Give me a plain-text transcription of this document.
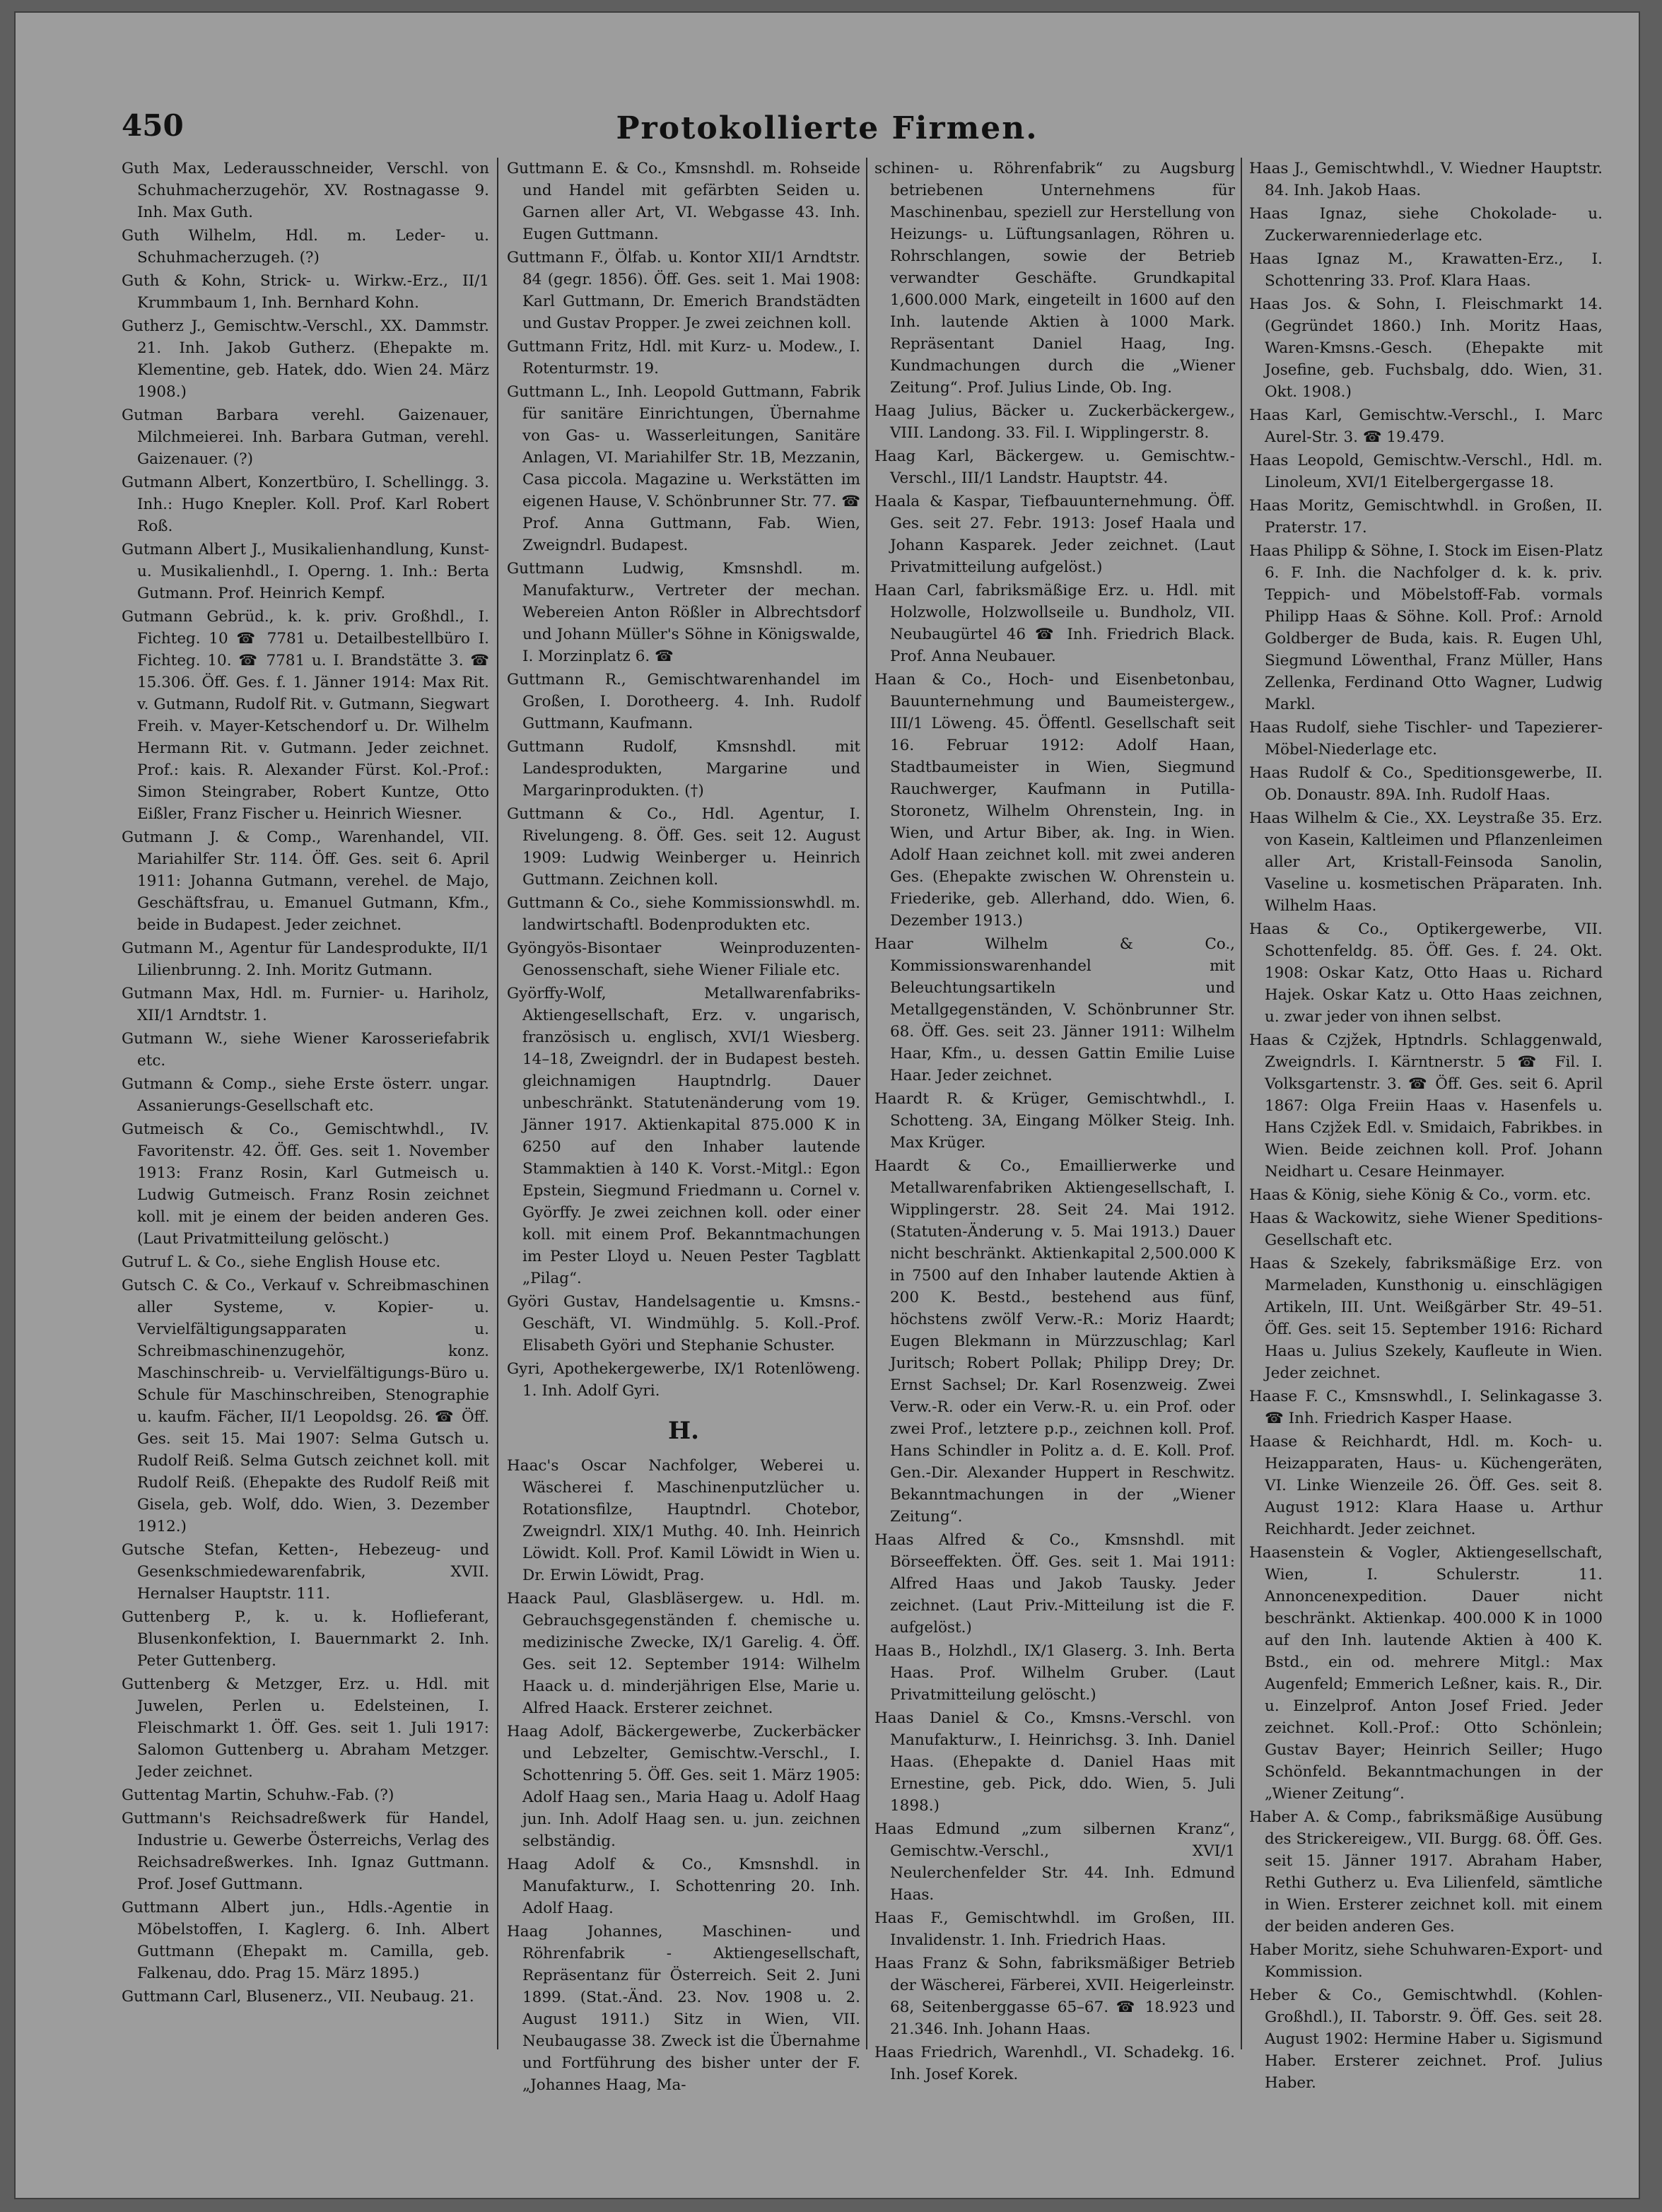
450	Protokollierte Firmen.

Guth Max, Lederausschneider, Verschl. von Schuhmacherzugehör, XV. Rostnagasse 9. Inh. Max Guth.

Guth Wilhelm, Hdl. m. Leder- u. Schuhmacherzugeh. (?)

Guth & Kohn, Strick- u. Wirkw.-Erz., II/1 Krummbaum 1, Inh. Bernhard Kohn.

Gutherz J., Gemischtw.-Verschl., XX. Dammstr. 21. Inh. Jakob Gutherz. (Ehepakte m. Klementine, geb. Hatek, ddo. Wien 24. März 1908.)

Gutman Barbara verehl. Gaizenauer, Milchmeierei. Inh. Barbara Gutman, verehl. Gaizenauer. (?)

Gutmann Albert, Konzertbüro, I. Schellingg. 3. Inh.: Hugo Knepler. Koll. Prof. Karl Robert Roß.

Gutmann Albert J., Musikalienhandlung, Kunst- u. Musikalienhdl., I. Operng. 1. Inh.: Berta Gutmann. Prof. Heinrich Kempf.

Gutmann Gebrüd., k. k. priv. Großhdl., I. Fichteg. 10 ☎ 7781 u. Detailbestellbüro I. Fichteg. 10. ☎ 7781 u. I. Brandstätte 3. ☎ 15.306. Öff. Ges. f. 1. Jänner 1914: Max Rit. v. Gutmann, Rudolf Rit. v. Gutmann, Siegwart Freih. v. Mayer-Ketschendorf u. Dr. Wilhelm Hermann Rit. v. Gutmann. Jeder zeichnet. Prof.: kais. R. Alexander Fürst. Kol.-Prof.: Simon Steingraber, Robert Kuntze, Otto Eißler, Franz Fischer u. Heinrich Wiesner.

Gutmann J. & Comp., Warenhandel, VII. Mariahilfer Str. 114. Öff. Ges. seit 6. April 1911: Johanna Gutmann, verehel. de Majo, Geschäftsfrau, u. Emanuel Gutmann, Kfm., beide in Budapest. Jeder zeichnet.

Gutmann M., Agentur für Landesprodukte, II/1 Lilienbrunng. 2. Inh. Moritz Gutmann.

Gutmann Max, Hdl. m. Furnier- u. Hariholz, XII/1 Arndtstr. 1.

Gutmann W., siehe Wiener Karosseriefabrik etc.

Gutmann & Comp., siehe Erste österr. ungar. Assanierungs-Gesellschaft etc.

Gutmeisch & Co., Gemischtwhdl., IV. Favoritenstr. 42. Öff. Ges. seit 1. November 1913: Franz Rosin, Karl Gutmeisch u. Ludwig Gutmeisch. Franz Rosin zeichnet koll. mit je einem der beiden anderen Ges. (Laut Privatmitteilung gelöscht.)

Gutruf L. & Co., siehe English House etc.

Gutsch C. & Co., Verkauf v. Schreibmaschinen aller Systeme, v. Kopier- u. Vervielfältigungsapparaten u. Schreibmaschinenzugehör, konz. Maschinschreib- u. Vervielfältigungs-Büro u. Schule für Maschinschreiben, Stenographie u. kaufm. Fächer, II/1 Leopoldsg. 26. ☎ Öff. Ges. seit 15. Mai 1907: Selma Gutsch u. Rudolf Reiß. Selma Gutsch zeichnet koll. mit Rudolf Reiß. (Ehepakte des Rudolf Reiß mit Gisela, geb. Wolf, ddo. Wien, 3. Dezember 1912.)

Gutsche Stefan, Ketten-, Hebezeug- und Gesenkschmiedewarenfabrik, XVII. Hernalser Hauptstr. 111.

Guttenberg P., k. u. k. Hoflieferant, Blusenkonfektion, I. Bauernmarkt 2. Inh. Peter Guttenberg.

Guttenberg & Metzger, Erz. u. Hdl. mit Juwelen, Perlen u. Edelsteinen, I. Fleischmarkt 1. Öff. Ges. seit 1. Juli 1917: Salomon Guttenberg u. Abraham Metzger. Jeder zeichnet.

Guttentag Martin, Schuhw.-Fab. (?)

Guttmann's Reichsadreßwerk für Handel, Industrie u. Gewerbe Österreichs, Verlag des Reichsadreßwerkes. Inh. Ignaz Guttmann. Prof. Josef Guttmann.

Guttmann Albert jun., Hdls.-Agentie in Möbelstoffen, I. Kaglerg. 6. Inh. Albert Guttmann (Ehepakt m. Camilla, geb. Falkenau, ddo. Prag 15. März 1895.)

Guttmann Carl, Blusenerz., VII. Neubaug. 21.

Guttmann E. & Co., Kmsnshdl. m. Rohseide und Handel mit gefärbten Seiden u. Garnen aller Art, VI. Webgasse 43. Inh. Eugen Guttmann.

Guttmann F., Ölfab. u. Kontor XII/1 Arndtstr. 84 (gegr. 1856). Öff. Ges. seit 1. Mai 1908: Karl Guttmann, Dr. Emerich Brandstädten und Gustav Propper. Je zwei zeichnen koll.

Guttmann Fritz, Hdl. mit Kurz- u. Modew., I. Rotenturmstr. 19.

Guttmann L., Inh. Leopold Guttmann, Fabrik für sanitäre Einrichtungen, Übernahme von Gas- u. Wasserleitungen, Sanitäre Anlagen, VI. Mariahilfer Str. 1B, Mezzanin, Casa piccola. Magazine u. Werkstätten im eigenen Hause, V. Schönbrunner Str. 77. ☎ Prof. Anna Guttmann, Fab. Wien, Zweigndrl. Budapest.

Guttmann Ludwig, Kmsnshdl. m. Manufakturw., Vertreter der mechan. Webereien Anton Rößler in Albrechtsdorf und Johann Müller's Söhne in Königswalde, I. Morzinplatz 6. ☎

Guttmann R., Gemischtwarenhandel im Großen, I. Dorotheerg. 4. Inh. Rudolf Guttmann, Kaufmann.

Guttmann Rudolf, Kmsnshdl. mit Landesprodukten, Margarine und Margarinprodukten. (†)

Guttmann & Co., Hdl. Agentur, I. Rivelungeng. 8. Öff. Ges. seit 12. August 1909: Ludwig Weinberger u. Heinrich Guttmann. Zeichnen koll.

Guttmann & Co., siehe Kommissionswhdl. m. landwirtschaftl. Bodenprodukten etc.

Gyöngyös-Bisontaer Weinproduzenten-Genossenschaft, siehe Wiener Filiale etc.

Györffy-Wolf, Metallwarenfabriks-Aktiengesellschaft, Erz. v. ungarisch, französisch u. englisch, XVI/1 Wiesberg. 14–18, Zweigndrl. der in Budapest besteh. gleichnamigen Hauptndrlg. Dauer unbeschränkt. Statutenänderung vom 19. Jänner 1917. Aktienkapital 875.000 K in 6250 auf den Inhaber lautende Stammaktien à 140 K. Vorst.-Mitgl.: Egon Epstein, Siegmund Friedmann u. Cornel v. Györffy. Je zwei zeichnen koll. oder einer koll. mit einem Prof. Bekanntmachungen im Pester Lloyd u. Neuen Pester Tagblatt „Pilag“.

Györi Gustav, Handelsagentie u. Kmsns.-Geschäft, VI. Windmühlg. 5. Koll.-Prof. Elisabeth Györi und Stephanie Schuster.

Gyri, Apothekergewerbe, IX/1 Rotenlöweng. 1. Inh. Adolf Gyri.

H.

Haac's Oscar Nachfolger, Weberei u. Wäscherei f. Maschinenputzlücher u. Rotationsfilze, Hauptndrl. Chotebor, Zweigndrl. XIX/1 Muthg. 40. Inh. Heinrich Löwidt. Koll. Prof. Kamil Löwidt in Wien u. Dr. Erwin Löwidt, Prag.

Haack Paul, Glasbläsergew. u. Hdl. m. Gebrauchsgegenständen f. chemische u. medizinische Zwecke, IX/1 Garelig. 4. Öff. Ges. seit 12. September 1914: Wilhelm Haack u. d. minderjährigen Else, Marie u. Alfred Haack. Ersterer zeichnet.

Haag Adolf, Bäckergewerbe, Zuckerbäcker und Lebzelter, Gemischtw.-Verschl., I. Schottenring 5. Öff. Ges. seit 1. März 1905: Adolf Haag sen., Maria Haag u. Adolf Haag jun. Inh. Adolf Haag sen. u. jun. zeichnen selbständig.

Haag Adolf & Co., Kmsnshdl. in Manufakturw., I. Schottenring 20. Inh. Adolf Haag.

Haag Johannes, Maschinen- und Röhrenfabrik - Aktiengesellschaft, Repräsentanz für Österreich. Seit 2. Juni 1899. (Stat.-Änd. 23. Nov. 1908 u. 2. August 1911.) Sitz in Wien, VII. Neubaugasse 38. Zweck ist die Übernahme und Fortführung des bisher unter der F. „Johannes Haag, Ma-

schinen- u. Röhrenfabrik“ zu Augsburg betriebenen Unternehmens für Maschinenbau, speziell zur Herstellung von Heizungs- u. Lüftungsanlagen, Röhren u. Rohrschlangen, sowie der Betrieb verwandter Geschäfte. Grundkapital 1,600.000 Mark, eingeteilt in 1600 auf den Inh. lautende Aktien à 1000 Mark. Repräsentant Daniel Haag, Ing. Kundmachungen durch die „Wiener Zeitung“. Prof. Julius Linde, Ob. Ing.

Haag Julius, Bäcker u. Zuckerbäckergew., VIII. Landong. 33. Fil. I. Wipplingerstr. 8.

Haag Karl, Bäckergew. u. Gemischtw.-Verschl., III/1 Landstr. Hauptstr. 44.

Haala & Kaspar, Tiefbauunternehmung. Öff. Ges. seit 27. Febr. 1913: Josef Haala und Johann Kasparek. Jeder zeichnet. (Laut Privatmitteilung aufgelöst.)

Haan Carl, fabriksmäßige Erz. u. Hdl. mit Holzwolle, Holzwollseile u. Bundholz, VII. Neubaugürtel 46 ☎ Inh. Friedrich Black. Prof. Anna Neubauer.

Haan & Co., Hoch- und Eisenbetonbau, Bauunternehmung und Baumeistergew., III/1 Löweng. 45. Öffentl. Gesellschaft seit 16. Februar 1912: Adolf Haan, Stadtbaumeister in Wien, Siegmund Rauchwerger, Kaufmann in Putilla-Storonetz, Wilhelm Ohrenstein, Ing. in Wien, und Artur Biber, ak. Ing. in Wien. Adolf Haan zeichnet koll. mit zwei anderen Ges. (Ehepakte zwischen W. Ohrenstein u. Friederike, geb. Allerhand, ddo. Wien, 6. Dezember 1913.)

Haar Wilhelm & Co., Kommissionswarenhandel mit Beleuchtungsartikeln und Metallgegenständen, V. Schönbrunner Str. 68. Öff. Ges. seit 23. Jänner 1911: Wilhelm Haar, Kfm., u. dessen Gattin Emilie Luise Haar. Jeder zeichnet.

Haardt R. & Krüger, Gemischtwhdl., I. Schotteng. 3A, Eingang Mölker Steig. Inh. Max Krüger.

Haardt & Co., Emaillierwerke und Metallwarenfabriken Aktiengesellschaft, I. Wipplingerstr. 28. Seit 24. Mai 1912. (Statuten-Änderung v. 5. Mai 1913.) Dauer nicht beschränkt. Aktienkapital 2,500.000 K in 7500 auf den Inhaber lautende Aktien à 200 K. Bestd., bestehend aus fünf, höchstens zwölf Verw.-R.: Moriz Haardt; Eugen Blekmann in Mürzzuschlag; Karl Juritsch; Robert Pollak; Philipp Drey; Dr. Ernst Sachsel; Dr. Karl Rosenzweig. Zwei Verw.-R. oder ein Verw.-R. u. ein Prof. oder zwei Prof., letztere p.p., zeichnen koll. Prof. Hans Schindler in Politz a. d. E. Koll. Prof. Gen.-Dir. Alexander Huppert in Reschwitz. Bekanntmachungen in der „Wiener Zeitung“.

Haas Alfred & Co., Kmsnshdl. mit Börseeffekten. Öff. Ges. seit 1. Mai 1911: Alfred Haas und Jakob Tausky. Jeder zeichnet. (Laut Priv.-Mitteilung ist die F. aufgelöst.)

Haas B., Holzhdl., IX/1 Glaserg. 3. Inh. Berta Haas. Prof. Wilhelm Gruber. (Laut Privatmitteilung gelöscht.)

Haas Daniel & Co., Kmsns.-Verschl. von Manufakturw., I. Heinrichsg. 3. Inh. Daniel Haas. (Ehepakte d. Daniel Haas mit Ernestine, geb. Pick, ddo. Wien, 5. Juli 1898.)

Haas Edmund „zum silbernen Kranz“, Gemischtw.-Verschl., XVI/1 Neulerchenfelder Str. 44. Inh. Edmund Haas.

Haas F., Gemischtwhdl. im Großen, III. Invalidenstr. 1. Inh. Friedrich Haas.

Haas Franz & Sohn, fabriksmäßiger Betrieb der Wäscherei, Färberei, XVII. Heigerleinstr. 68, Seitenberggasse 65–67. ☎ 18.923 und 21.346. Inh. Johann Haas.

Haas Friedrich, Warenhdl., VI. Schadekg. 16. Inh. Josef Korek.

Haas J., Gemischtwhdl., V. Wiedner Hauptstr. 84. Inh. Jakob Haas.

Haas Ignaz, siehe Chokolade- u. Zuckerwarenniederlage etc.

Haas Ignaz M., Krawatten-Erz., I. Schottenring 33. Prof. Klara Haas.

Haas Jos. & Sohn, I. Fleischmarkt 14. (Gegründet 1860.) Inh. Moritz Haas, Waren-Kmsns.-Gesch. (Ehepakte mit Josefine, geb. Fuchsbalg, ddo. Wien, 31. Okt. 1908.)

Haas Karl, Gemischtw.-Verschl., I. Marc Aurel-Str. 3. ☎ 19.479.

Haas Leopold, Gemischtw.-Verschl., Hdl. m. Linoleum, XVI/1 Eitelbergergasse 18.

Haas Moritz, Gemischtwhdl. in Großen, II. Praterstr. 17.

Haas Philipp & Söhne, I. Stock im Eisen-Platz 6. F. Inh. die Nachfolger d. k. k. priv. Teppich- und Möbelstoff-Fab. vormals Philipp Haas & Söhne. Koll. Prof.: Arnold Goldberger de Buda, kais. R. Eugen Uhl, Siegmund Löwenthal, Franz Müller, Hans Zellenka, Ferdinand Otto Wagner, Ludwig Markl.

Haas Rudolf, siehe Tischler- und Tapezierer-Möbel-Niederlage etc.

Haas Rudolf & Co., Speditionsgewerbe, II. Ob. Donaustr. 89A. Inh. Rudolf Haas.

Haas Wilhelm & Cie., XX. Leystraße 35. Erz. von Kasein, Kaltleimen und Pflanzenleimen aller Art, Kristall-Feinsoda Sanolin, Vaseline u. kosmetischen Präparaten. Inh. Wilhelm Haas.

Haas & Co., Optikergewerbe, VII. Schottenfeldg. 85. Öff. Ges. f. 24. Okt. 1908: Oskar Katz, Otto Haas u. Richard Hajek. Oskar Katz u. Otto Haas zeichnen, u. zwar jeder von ihnen selbst.

Haas & Czjžek, Hptndrls. Schlaggenwald, Zweigndrls. I. Kärntnerstr. 5 ☎ Fil. I. Volksgartenstr. 3. ☎ Öff. Ges. seit 6. April 1867: Olga Freiin Haas v. Hasenfels u. Hans Czjžek Edl. v. Smidaich, Fabrikbes. in Wien. Beide zeichnen koll. Prof. Johann Neidhart u. Cesare Heinmayer.

Haas & König, siehe König & Co., vorm. etc.

Haas & Wackowitz, siehe Wiener Speditions-Gesellschaft etc.

Haas & Szekely, fabriksmäßige Erz. von Marmeladen, Kunsthonig u. einschlägigen Artikeln, III. Unt. Weißgärber Str. 49–51. Öff. Ges. seit 15. September 1916: Richard Haas u. Julius Szekely, Kaufleute in Wien. Jeder zeichnet.

Haase F. C., Kmsnswhdl., I. Selinkagasse 3. ☎ Inh. Friedrich Kasper Haase.

Haase & Reichhardt, Hdl. m. Koch- u. Heizapparaten, Haus- u. Küchengeräten, VI. Linke Wienzeile 26. Öff. Ges. seit 8. August 1912: Klara Haase u. Arthur Reichhardt. Jeder zeichnet.

Haasenstein & Vogler, Aktiengesellschaft, Wien, I. Schulerstr. 11. Annoncenexpedition. Dauer nicht beschränkt. Aktienkap. 400.000 K in 1000 auf den Inh. lautende Aktien à 400 K. Bstd., ein od. mehrere Mitgl.: Max Augenfeld; Emmerich Leßner, kais. R., Dir. u. Einzelprof. Anton Josef Fried. Jeder zeichnet. Koll.-Prof.: Otto Schönlein; Gustav Bayer; Heinrich Seiller; Hugo Schönfeld. Bekanntmachungen in der „Wiener Zeitung“.

Haber A. & Comp., fabriksmäßige Ausübung des Strickereigew., VII. Burgg. 68. Öff. Ges. seit 15. Jänner 1917. Abraham Haber, Rethi Gutherz u. Eva Lilienfeld, sämtliche in Wien. Ersterer zeichnet koll. mit einem der beiden anderen Ges.

Haber Moritz, siehe Schuhwaren-Export- und Kommission.

Heber & Co., Gemischtwhdl. (Kohlen-Großhdl.), II. Taborstr. 9. Öff. Ges. seit 28. August 1902: Hermine Haber u. Sigismund Haber. Ersterer zeichnet. Prof. Julius Haber.
